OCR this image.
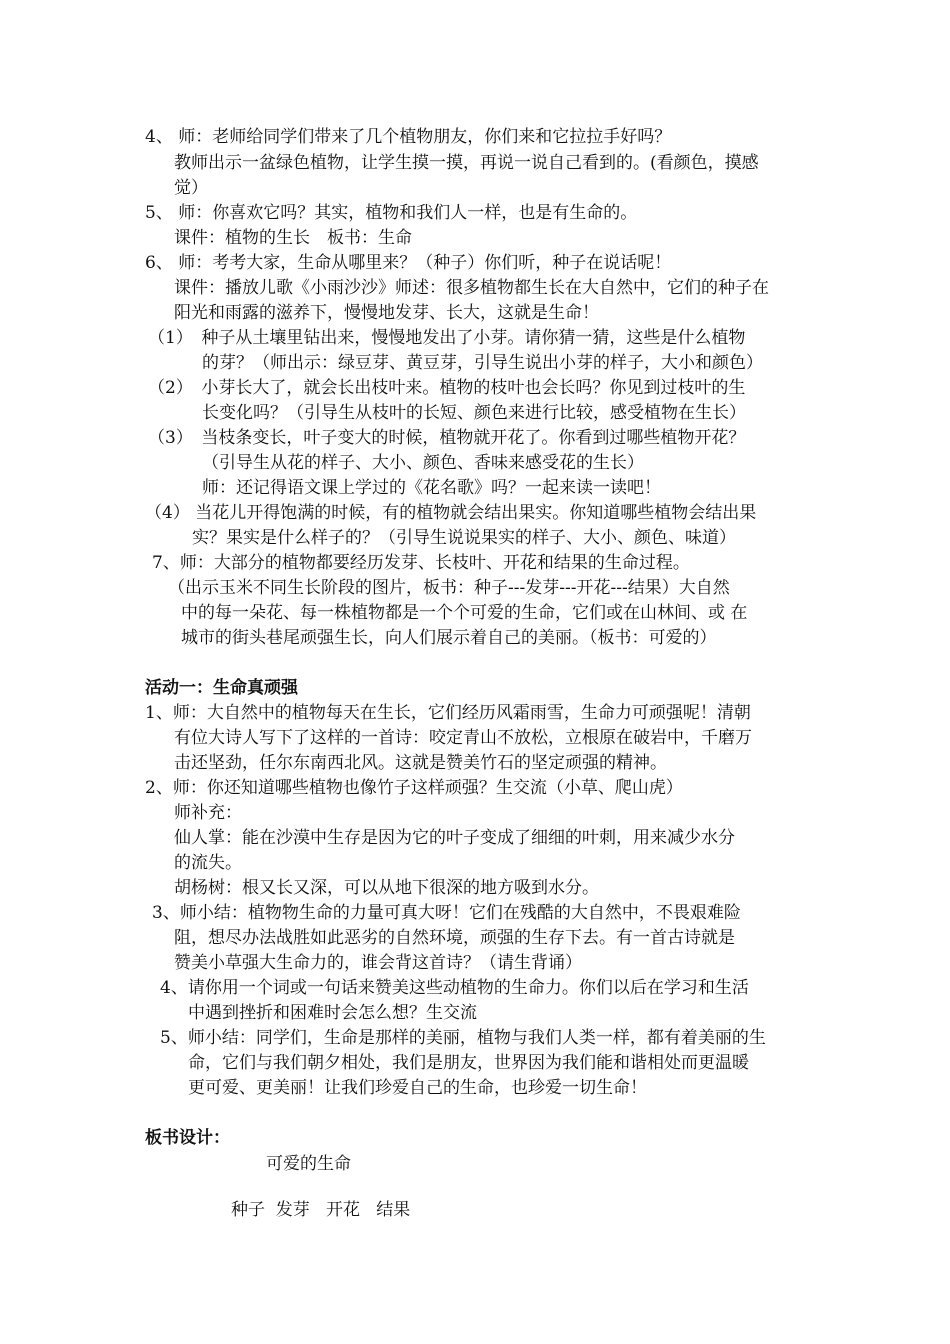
4、 师：老师给同学们带来了几个植物朋友，你们来和它拉拉手好吗？
教师出示一盆绿色植物，让学生摸一摸，再说一说自己看到的。(看颜色，摸感
觉）
5、 师：你喜欢它吗？其实，植物和我们人一样，也是有生命的。
课件：植物的生长　板书：生命
6、 师：考考大家，生命从哪里来？（种子）你们听，种子在说话呢！
课件：播放儿歌《小雨沙沙》师述：很多植物都生长在大自然中，它们的种子在
阳光和雨露的滋养下，慢慢地发芽、长大，这就是生命！
（1）　种子从土壤里钻出来，慢慢地发出了小芽。请你猜一猜，这些是什么植物
的芽？（师出示：绿豆芽、黄豆芽，引导生说出小芽的样子，大小和颜色）
（2）　小芽长大了，就会长出枝叶来。植物的枝叶也会长吗？你见到过枝叶的生
长变化吗？（引导生从枝叶的长短、颜色来进行比较，感受植物在生长）
（3）　当枝条变长，叶子变大的时候，植物就开花了。你看到过哪些植物开花？
（引导生从花的样子、大小、颜色、香味来感受花的生长）
师：还记得语文课上学过的《花名歌》吗？一起来读一读吧！
（4） 当花儿开得饱满的时候，有的植物就会结出果实。你知道哪些植物会结出果
实？果实是什么样子的？（引导生说说果实的样子、大小、颜色、味道）
7、师：大部分的植物都要经历发芽、长枝叶、开花和结果的生命过程。
（出示玉米不同生长阶段的图片，板书：种子---发芽---开花---结果）大自然
中的每一朵花、每一株植物都是一个个可爱的生命，它们或在山林间、或 在
城市的街头巷尾顽强生长，向人们展示着自己的美丽。（板书：可爱的）
活动一：生命真顽强
1、师：大自然中的植物每天在生长，它们经历风霜雨雪，生命力可顽强呢！清朝
有位大诗人写下了这样的一首诗：咬定青山不放松，立根原在破岩中，千磨万
击还坚劲，任尔东南西北风。这就是赞美竹石的坚定顽强的精神。
2、师：你还知道哪些植物也像竹子这样顽强？生交流（小草、爬山虎）
师补充：
仙人掌：能在沙漠中生存是因为它的叶子变成了细细的叶刺，用来减少水分
的流失。
胡杨树：根又长又深，可以从地下很深的地方吸到水分。
3、师小结：植物物生命的力量可真大呀！它们在残酷的大自然中，不畏艰难险
阻，想尽办法战胜如此恶劣的自然环境，顽强的生存下去。有一首古诗就是
赞美小草强大生命力的，谁会背这首诗？（请生背诵）
4、请你用一个词或一句话来赞美这些动植物的生命力。你们以后在学习和生活
中遇到挫折和困难时会怎么想？生交流
5、师小结：同学们，生命是那样的美丽，植物与我们人类一样，都有着美丽的生
命，它们与我们朝夕相处，我们是朋友，世界因为我们能和谐相处而更温暖
更可爱、更美丽！让我们珍爱自己的生命，也珍爱一切生命！
板书设计：
可爱的生命
种子  发芽   开花   结果
